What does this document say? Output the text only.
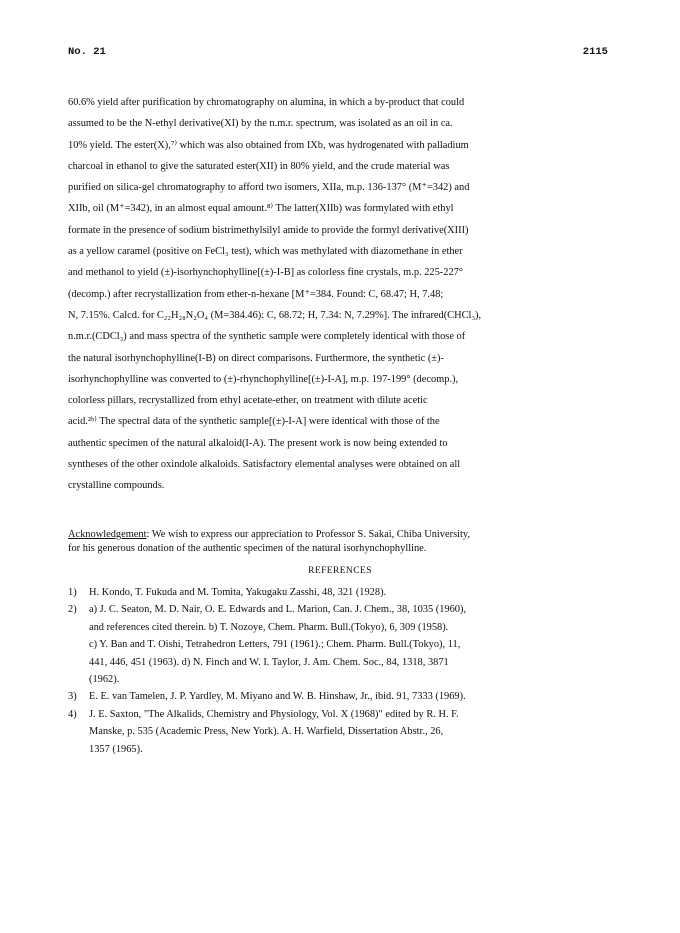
No. 21	2115
60.6% yield after purification by chromatography on alumina, in which a by-product that could
assumed to be the N-ethyl derivative(XI) by the n.m.r. spectrum, was isolated as an oil in ca.
10% yield. The ester(X),⁷⁾ which was also obtained from IXb, was hydrogenated with palladium
charcoal in ethanol to give the saturated ester(XII) in 80% yield, and the crude material was
purified on silica-gel chromatography to afford two isomers, XIIa, m.p. 136-137° (M⁺=342) and
XIIb, oil (M⁺=342), in an almost equal amount.⁸⁾ The latter(XIIb) was formylated with ethyl
formate in the presence of sodium bistrimethylsilyl amide to provide the formyl derivative(XIII)
as a yellow caramel (positive on FeCl₃ test), which was methylated with diazomethane in ether
and methanol to yield (±)-isorhynchophylline[(±)-I-B] as colorless fine crystals, m.p. 225-227°
(decomp.) after recrystallization from ether-n-hexane [M⁺=384. Found: C, 68.47; H, 7.48;
N, 7.15%. Calcd. for C₂₂H₂₈N₂O₄ (M=384.46): C, 68.72; H, 7.34: N, 7.29%]. The infrared(CHCl₃),
n.m.r.(CDCl₃) and mass spectra of the synthetic sample were completely identical with those of
the natural isorhynchophylline(I-B) on direct comparisons. Furthermore, the synthetic (±)-
isorhynchophylline was converted to (±)-rhynchophylline[(±)-I-A], m.p. 197-199° (decomp.),
colorless pillars, recrystallized from ethyl acetate-ether, on treatment with dilute acetic
acid.²ᵇ⁾ The spectral data of the synthetic sample[(±)-I-A] were identical with those of the
authentic specimen of the natural alkaloid(I-A). The present work is now being extended to
syntheses of the other oxindole alkaloids. Satisfactory elemental analyses were obtained on all
crystalline compounds.
Acknowledgement: We wish to express our appreciation to Professor S. Sakai, Chiba University,
for his generous donation of the authentic specimen of the natural isorhynchophylline.
REFERENCES
1)	H. Kondo, T. Fukuda and M. Tomita, Yakugaku Zasshi, 48, 321 (1928).
2)	a) J. C. Seaton, M. D. Nair, O. E. Edwards and L. Marion, Can. J. Chem., 38, 1035 (1960),
and references cited therein. b) T. Nozoye, Chem. Pharm. Bull.(Tokyo), 6, 309 (1958).
c) Y. Ban and T. Oishi, Tetrahedron Letters, 791 (1961).; Chem. Pharm. Bull.(Tokyo), 11,
441, 446, 451 (1963). d) N. Finch and W. I. Taylor, J. Am. Chem. Soc., 84, 1318, 3871
(1962).
3)	E. E. van Tamelen, J. P. Yardley, M. Miyano and W. B. Hinshaw, Jr., ibid. 91, 7333 (1969).
4)	J. E. Saxton, "The Alkalids, Chemistry and Physiology, Vol. X (1968)" edited by R. H. F.
Manske, p. 535 (Academic Press, New York). A. H. Warfield, Dissertation Abstr., 26,
1357 (1965).
